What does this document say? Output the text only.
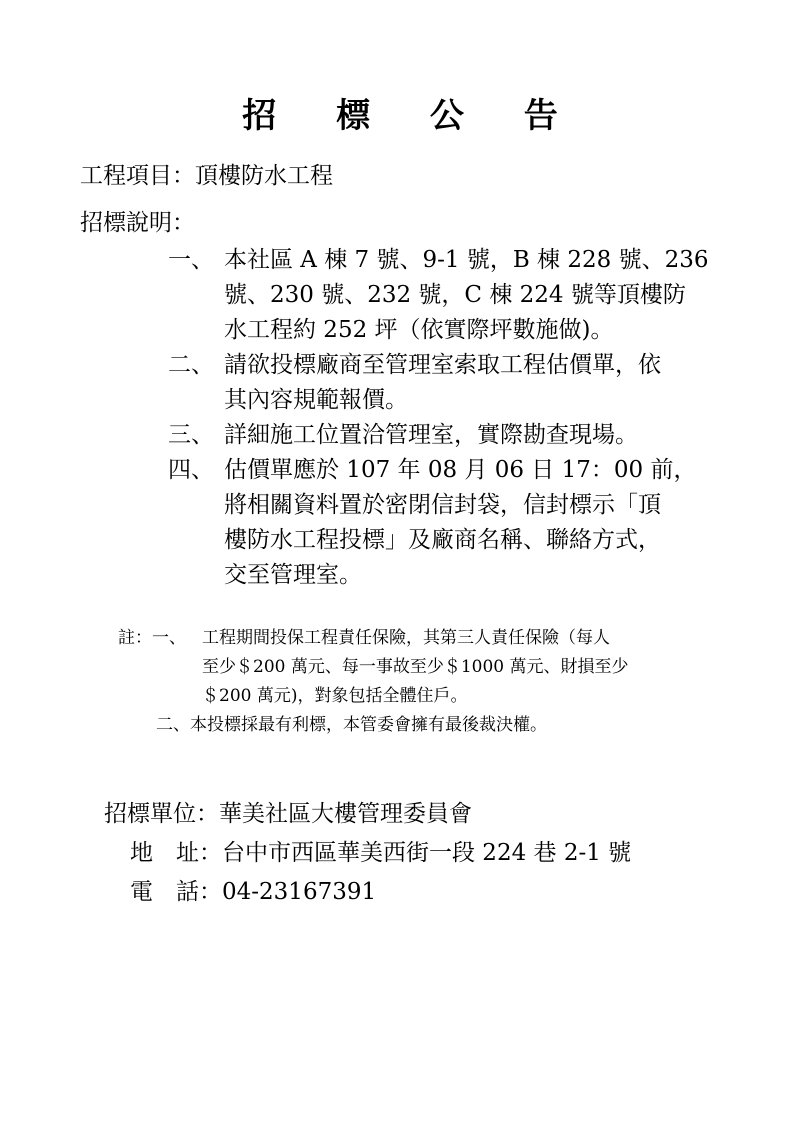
招 標 公 告
工程項目：頂樓防水工程
招標說明：
一、 本社區 A 棟 7 號、9-1 號，B 棟 228 號、236
號、230 號、232 號，C 棟 224 號等頂樓防
水工程約 252 坪（依實際坪數施做)。
二、 請欲投標廠商至管理室索取工程估價單，依
其內容規範報價。
三、 詳細施工位置洽管理室，實際勘查現場。
四、 估價單應於 107 年 08 月 06 日 17：00 前，
將相關資料置於密閉信封袋，信封標示「頂
樓防水工程投標」及廠商名稱、聯絡方式，
交至管理室。
註：一、 工程期間投保工程責任保險，其第三人責任保險（每人
至少＄200 萬元、每一事故至少＄1000 萬元、財損至少
＄200 萬元)，對象包括全體住戶。
二、本投標採最有利標，本管委會擁有最後裁決權。
招標單位：華美社區大樓管理委員會
地　址：台中市西區華美西街一段 224 巷 2-1 號
電　話：04-23167391
